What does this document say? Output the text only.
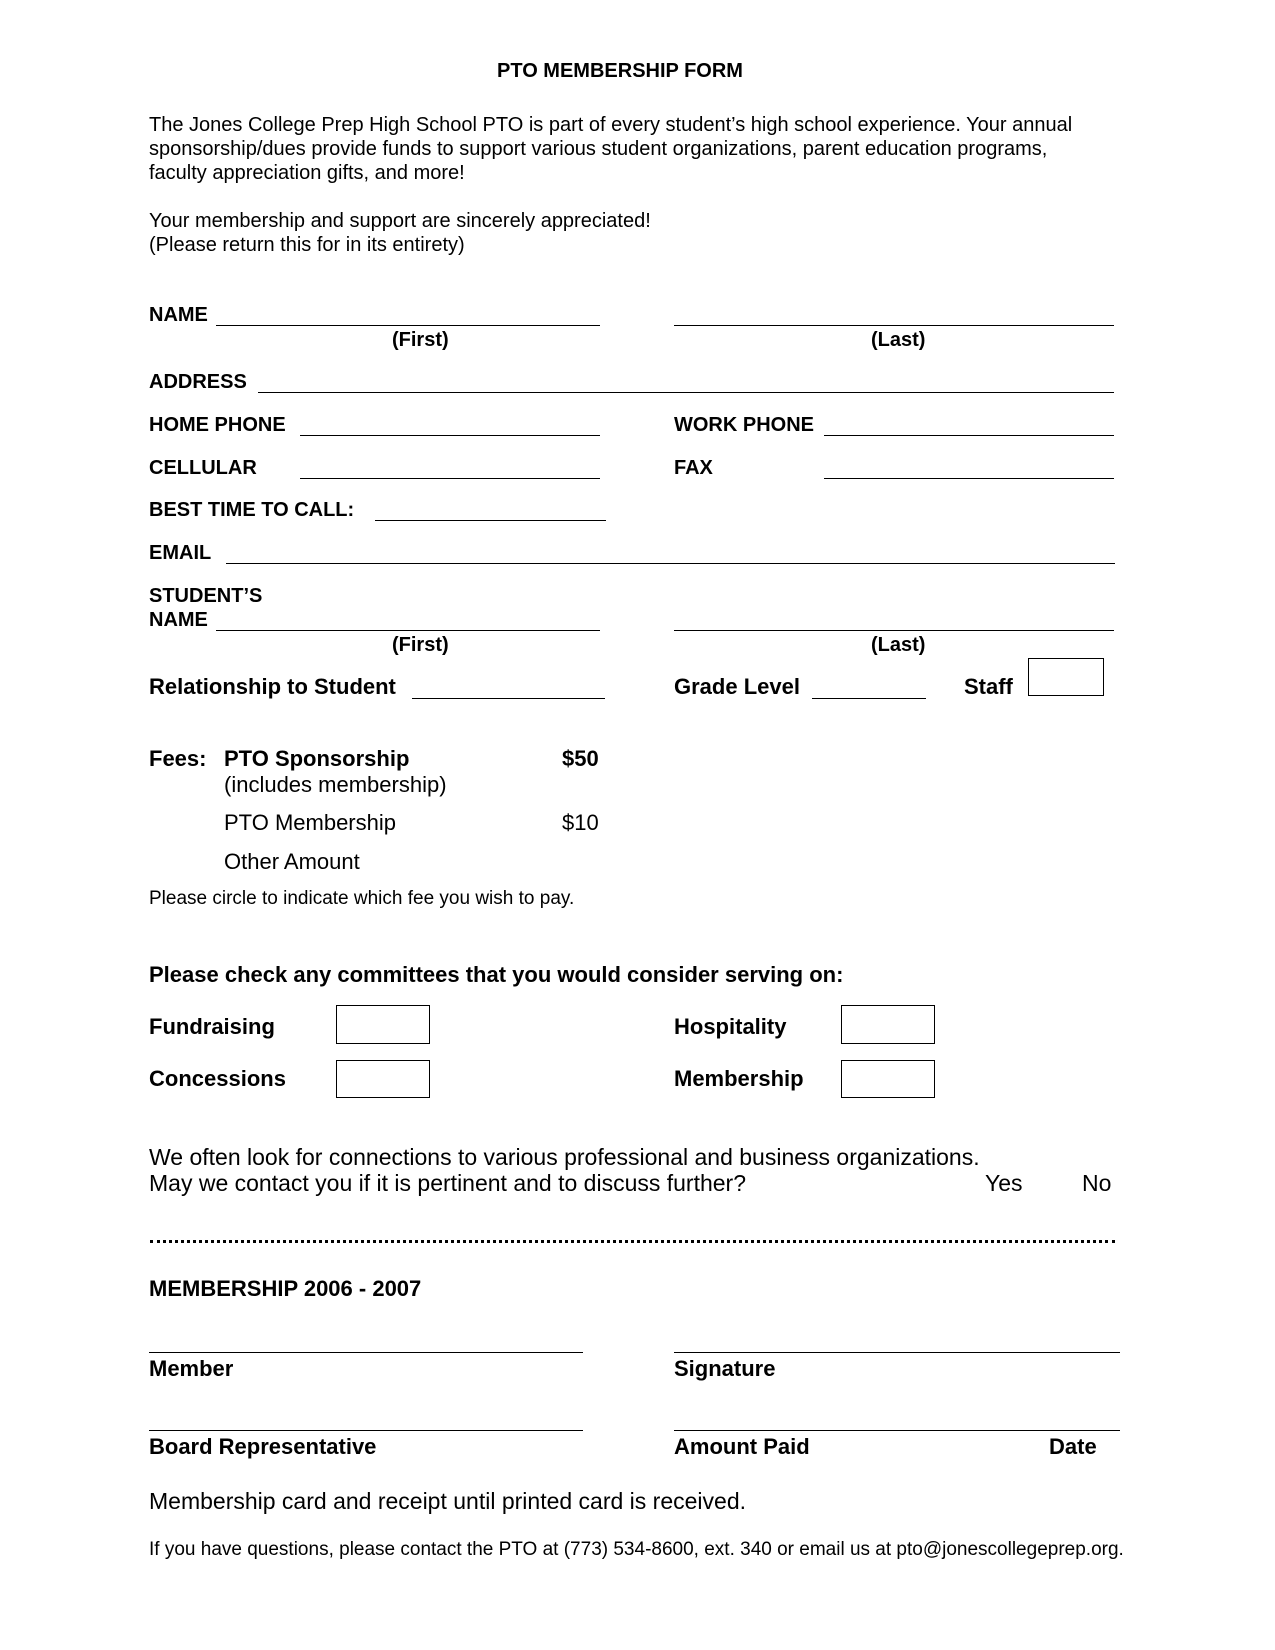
PTO MEMBERSHIP FORM
The Jones College Prep High School PTO is part of every student’s high school experience. Your annual
sponsorship/dues provide funds to support various student organizations, parent education programs,
faculty appreciation gifts, and more!
Your membership and support are sincerely appreciated!
(Please return this for in its entirety)
NAME
(First)	(Last)
ADDRESS
HOME PHONE	WORK PHONE
CELLULAR	FAX
BEST TIME TO CALL:
EMAIL
STUDENT’S
NAME
(First)	(Last)
Relationship to Student	Grade Level	Staff
Fees: PTO Sponsorship	$50
(includes membership)
PTO Membership	$10
Other Amount
Please circle to indicate which fee you wish to pay.
Please check any committees that you would consider serving on:
Fundraising	Hospitality
Concessions	Membership
We often look for connections to various professional and business organizations.
May we contact you if it is pertinent and to discuss further?	Yes	No
MEMBERSHIP 2006 - 2007
Member	Signature
Board Representative	Amount Paid	Date
Membership card and receipt until printed card is received.
If you have questions, please contact the PTO at (773) 534-8600, ext. 340 or email us at pto@jonescollegeprep.org.
